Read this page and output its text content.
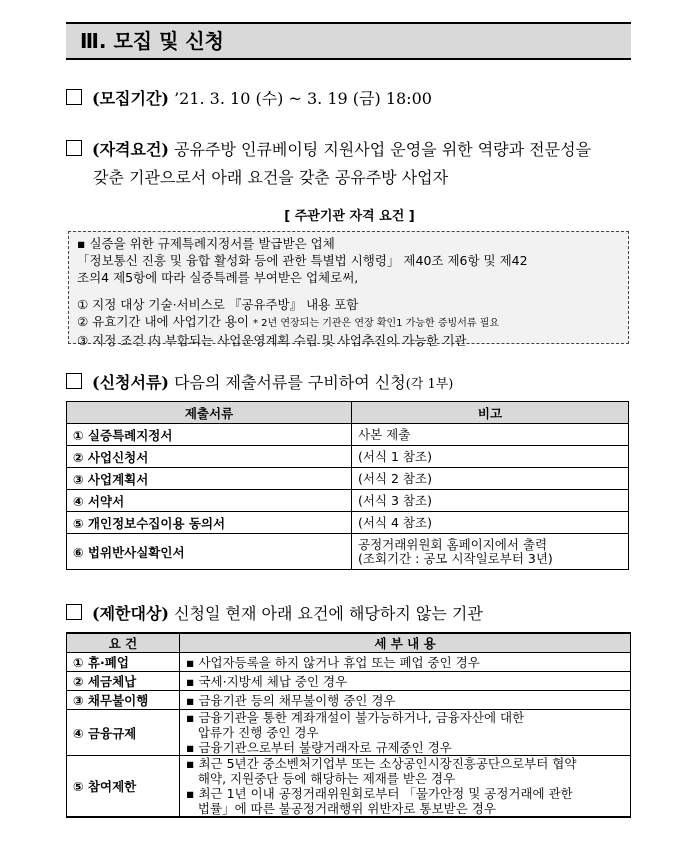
Ⅲ. 모집 및 신청
(모집기간) ’21. 3. 10 (수) ~ 3. 19 (금) 18:00
(자격요건) 공유주방 인큐베이팅 지원사업 운영을 위한 역량과 전문성을
갖춘 기관으로서 아래 요건을 갖춘 공유주방 사업자
[ 주관기관 자격 요건 ]
▪ 실증을 위한 규제특례지정서를 발급받은 업체
「정보통신 진흥 및 융합 활성화 등에 관한 특별법 시행령」 제40조 제6항 및 제42
조의4 제5항에 따라 실증특례를 부여받은 업체로써,
① 지정 대상 기술·서비스로 『공유주방』 내용 포함
② 유효기간 내에 사업기간 용이 * 2년 연장되는 기관은 연장 확인1 가능한 증빙서류 필요
③ 지정 조건 内 부합되는 사업운영계획 수립 및 사업추진이 가능한 기관
(신청서류) 다음의 제출서류를 구비하여 신청(각 1부)
제출서류	비고
① 실증특례지정서	사본 제출
② 사업신청서	(서식 1 참조)
③ 사업계획서	(서식 2 참조)
④ 서약서	(서식 3 참조)
⑤ 개인정보수집이용 동의서	(서식 4 참조)
⑥ 법위반사실확인서	공정거래위원회 홈페이지에서 출력
(조회기간 : 공모 시작일로부터 3년)
(제한대상) 신청일 현재 아래 요건에 해당하지 않는 기관
요 건	세 부 내 용
① 휴·폐업	▪ 사업자등록을 하지 않거나 휴업 또는 폐업 중인 경우

② 세금체납	▪ 국세·지방세 체납 중인 경우

③ 채무불이행	▪ 금융기관 등의 채무불이행 중인 경우

④ 금융규제	▪ 금융기관을 통한 계좌개설이 불가능하거나, 금융자산에 대한
압류가 진행 중인 경우
▪ 금융기관으로부터 불량거래자로 규제중인 경우

⑤ 참여제한	▪ 최근 5년간 중소벤처기업부 또는 소상공인시장진흥공단으로부터 협약
해약, 지원중단 등에 해당하는 제재를 받은 경우
▪ 최근 1년 이내 공정거래위원회로부터 「물가안정 및 공정거래에 관한
법률」에 따른 불공정거래행위 위반자로 통보받은 경우
